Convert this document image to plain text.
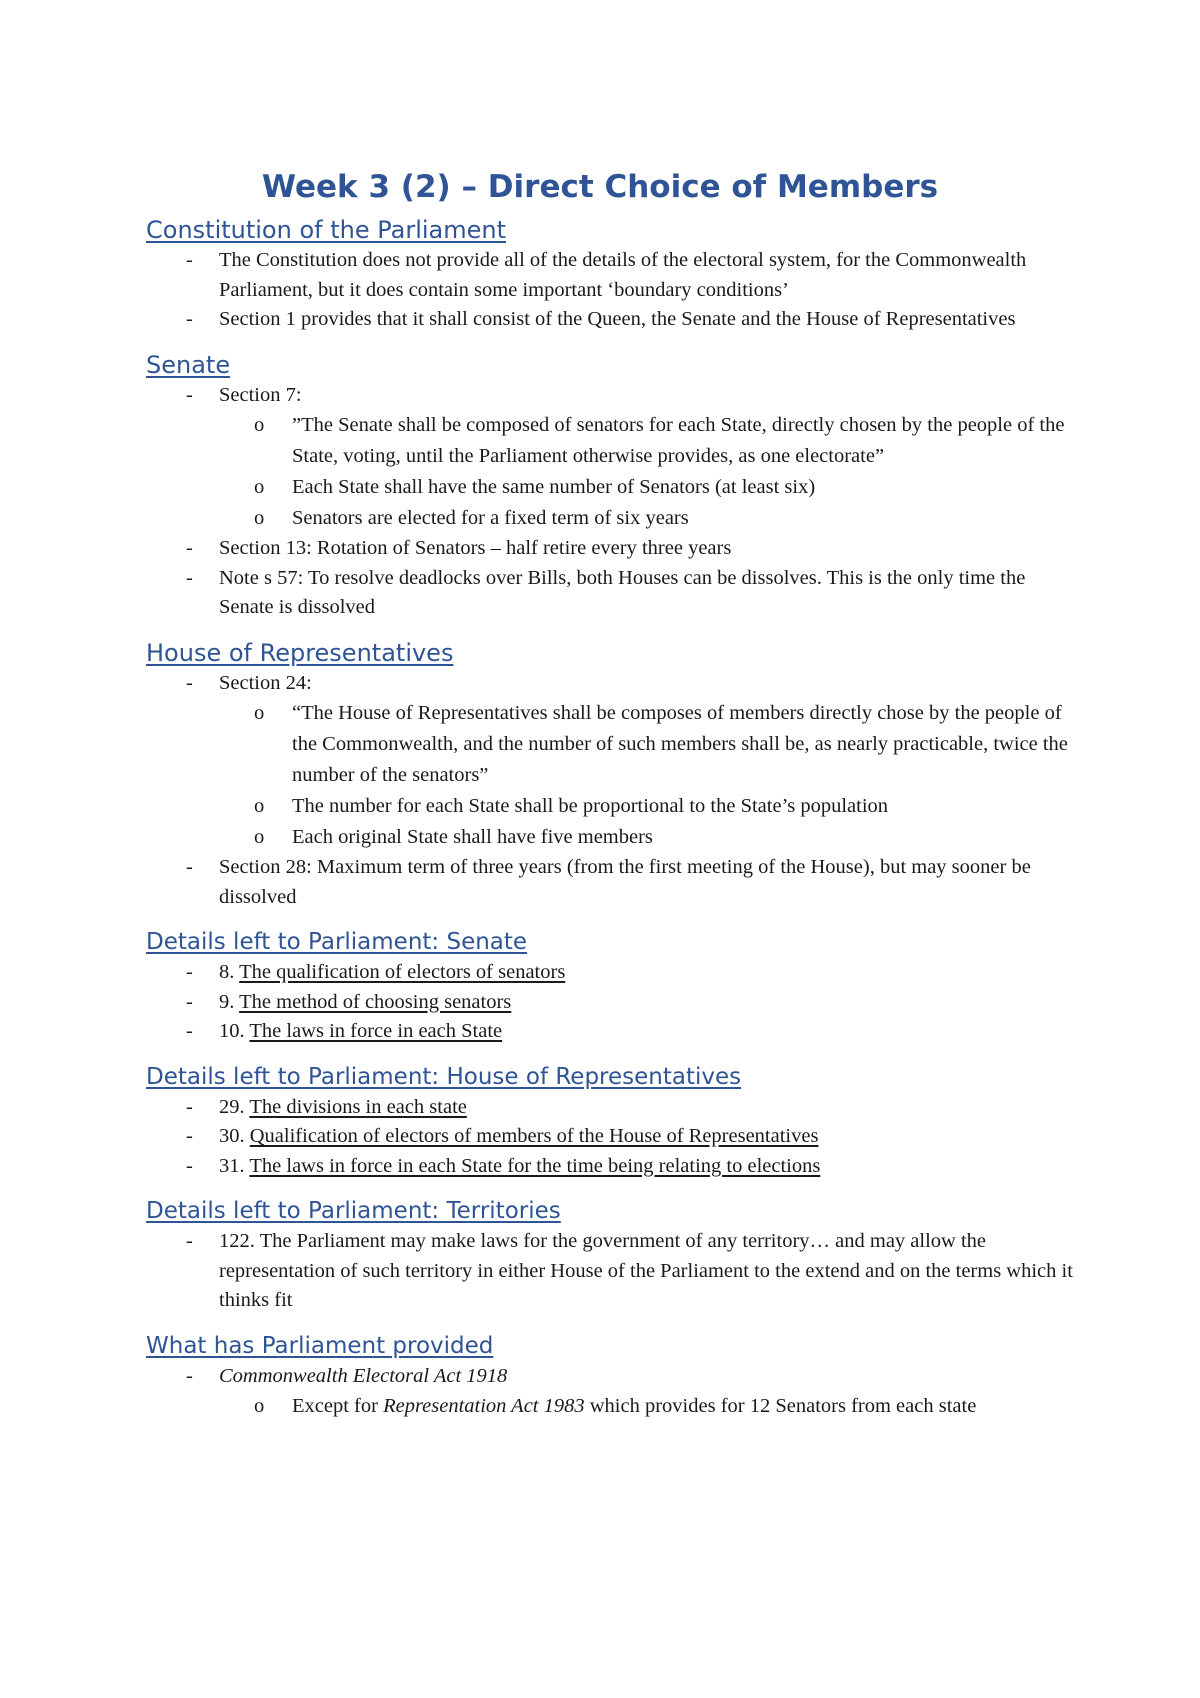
Week 3 (2) – Direct Choice of Members

Constitution of the Parliament

- The Constitution does not provide all of the details of the electoral system, for the Commonwealth Parliament, but it does contain some important ‘boundary conditions’
- Section 1 provides that it shall consist of the Queen, the Senate and the House of Representatives

Senate

- Section 7:
o ”The Senate shall be composed of senators for each State, directly chosen by the people of the State, voting, until the Parliament otherwise provides, as one electorate”
o Each State shall have the same number of Senators (at least six)
o Senators are elected for a fixed term of six years
- Section 13: Rotation of Senators – half retire every three years
- Note s 57: To resolve deadlocks over Bills, both Houses can be dissolves. This is the only time the Senate is dissolved

House of Representatives

- Section 24:
o “The House of Representatives shall be composes of members directly chose by the people of the Commonwealth, and the number of such members shall be, as nearly practicable, twice the number of the senators”
o The number for each State shall be proportional to the State’s population
o Each original State shall have five members
- Section 28: Maximum term of three years (from the first meeting of the House), but may sooner be dissolved

Details left to Parliament: Senate

- 8. The qualification of electors of senators
- 9. The method of choosing senators
- 10. The laws in force in each State

Details left to Parliament: House of Representatives

- 29. The divisions in each state
- 30. Qualification of electors of members of the House of Representatives
- 31. The laws in force in each State for the time being relating to elections

Details left to Parliament: Territories

- 122. The Parliament may make laws for the government of any territory… and may allow the representation of such territory in either House of the Parliament to the extend and on the terms which it thinks fit

What has Parliament provided

- Commonwealth Electoral Act 1918
o Except for Representation Act 1983 which provides for 12 Senators from each state
